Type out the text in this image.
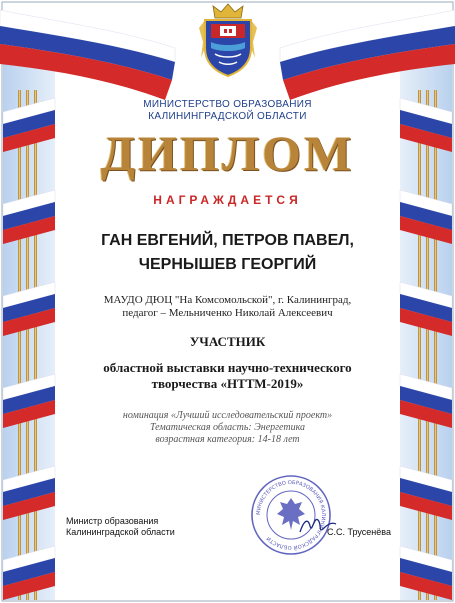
МИНИСТЕРСТВО ОБРАЗОВАНИЯ
КАЛИНИНГРАДСКОЙ ОБЛАСТИ
ДИПЛОМ
НАГРАЖДАЕТСЯ
ГАН ЕВГЕНИЙ, ПЕТРОВ ПАВЕЛ,
ЧЕРНЫШЕВ ГЕОРГИЙ
МАУДО ДЮЦ "На Комсомольской", г. Калининград,
педагог – Мельниченко Николай Алексеевич
УЧАСТНИК
областной выставки научно-технического
творчества «НТТМ-2019»
номинация «Лучший исследовательский проект»
Тематическая область: Энергетика
возрастная категория: 14-18 лет
МИНИСТЕРСТВО ОБРАЗОВАНИЯ КАЛИНИНГРАДСКОЙ ОБЛАСТИ
Министр образования
Калининградской области	С.С. Трусенёва
